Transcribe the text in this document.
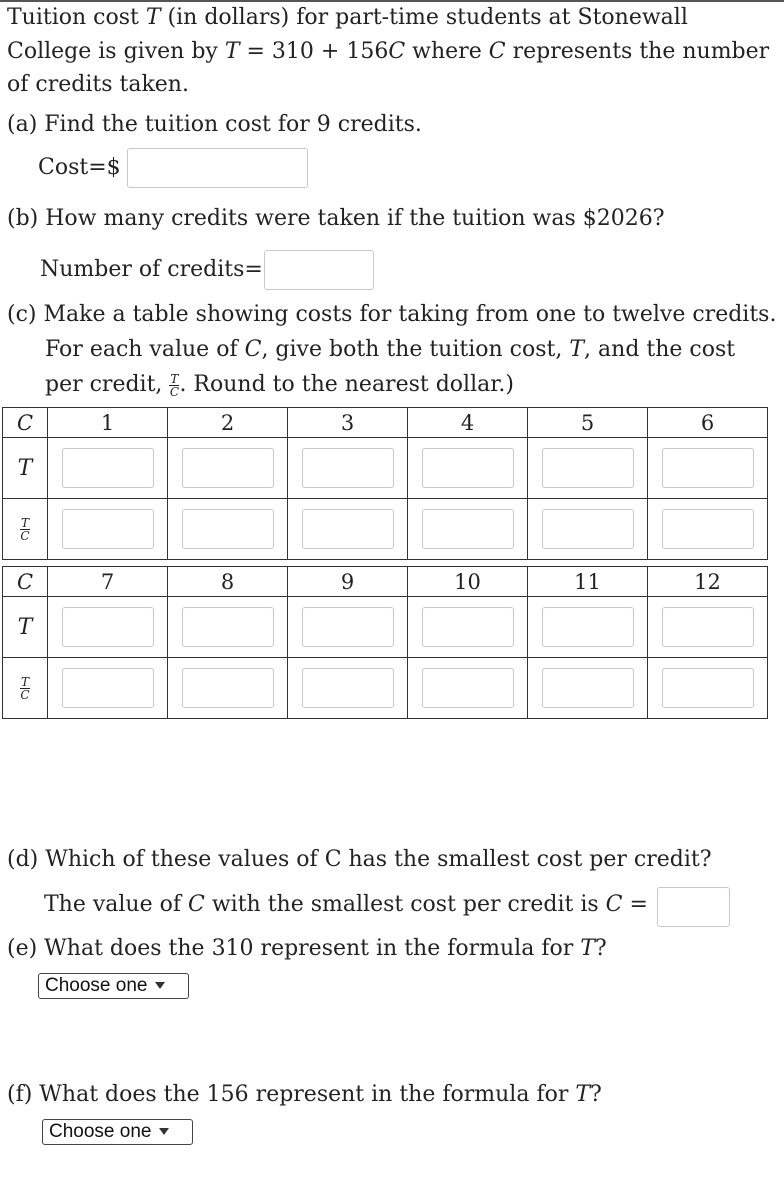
Tuition cost T (in dollars) for part-time students at Stonewall
College is given by T = 310 + 156C where C represents the number
of credits taken.
(a) Find the tuition cost for 9 credits.
Cost=$
(b) How many credits were taken if the tuition was $2026?
Number of credits=
(c) Make a table showing costs for taking from one to twelve credits.
For each value of C, give both the tuition cost, T, and the cost
per credit, $\frac{T}{C}$ . Round to the nearest dollar.)
C	1	2	3	4	5	6
T	

$\frac{T}{C}$

C	7	8	9	10	11	12
T	

$\frac{T}{C}$

(d) Which of these values of C has the smallest cost per credit?
The value of C with the smallest cost per credit is C =
(e) What does the 310 represent in the formula for T?
Choose one
(f) What does the 156 represent in the formula for T?
Choose one
